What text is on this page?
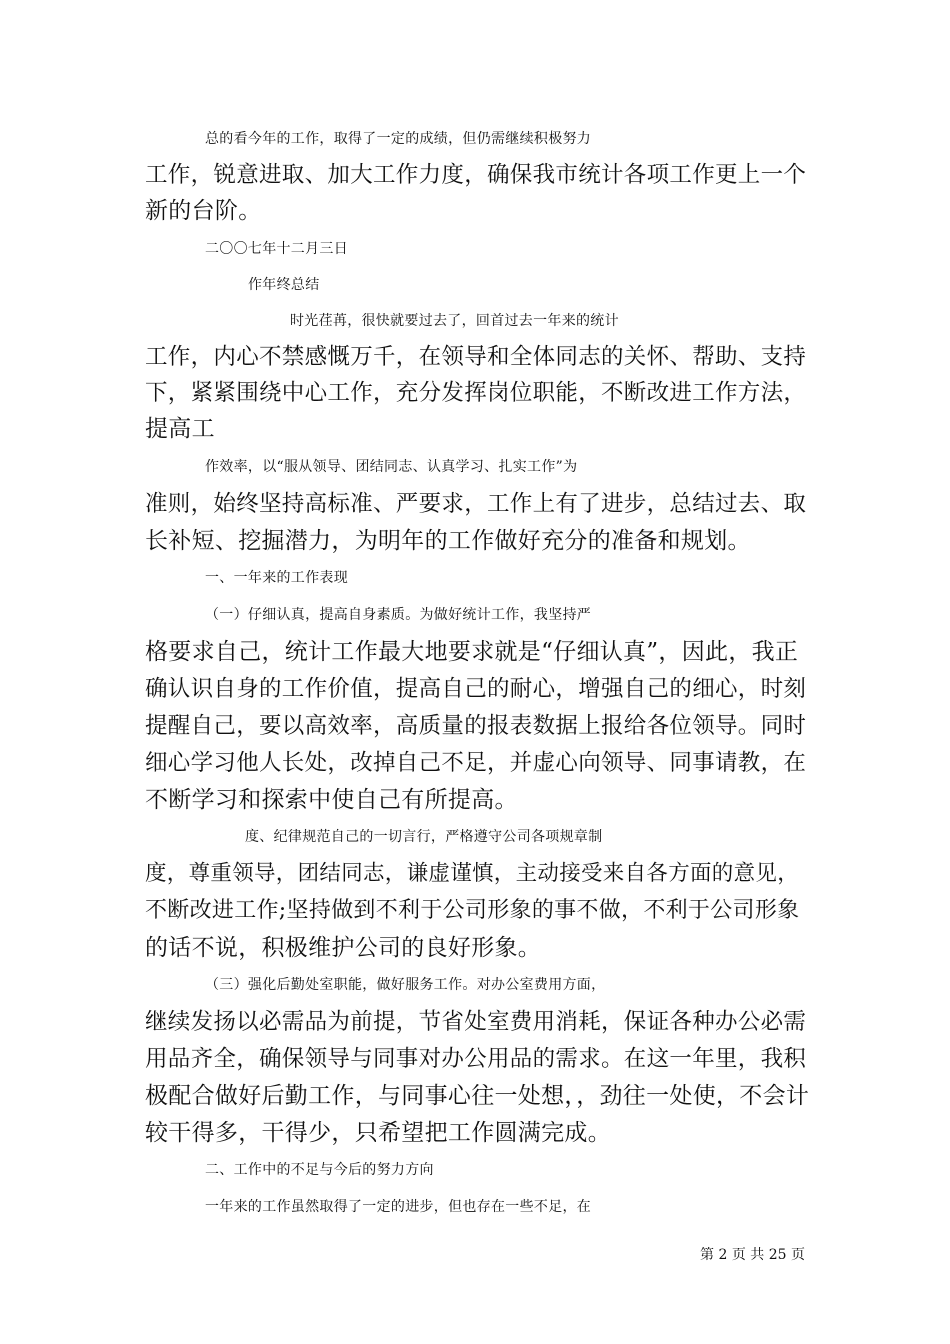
总的看今年的工作，取得了一定的成绩，但仍需继续积极努力
工作，锐意进取、加大工作力度，确保我市统计各项工作更上一个
新的台阶。
二〇〇七年十二月三日
作年终总结
时光荏苒，很快就要过去了，回首过去一年来的统计
工作，内心不禁感慨万千，在领导和全体同志的关怀、帮助、支持
下，紧紧围绕中心工作，充分发挥岗位职能，不断改进工作方法，
提高工
作效率，以“服从领导、团结同志、认真学习、扎实工作”为
准则，始终坚持高标准、严要求，工作上有了进步，总结过去、取
长补短、挖掘潜力，为明年的工作做好充分的准备和规划。
一、一年来的工作表现
（一）仔细认真，提高自身素质。为做好统计工作，我坚持严
格要求自己，统计工作最大地要求就是“仔细认真”，因此，我正
确认识自身的工作价值，提高自己的耐心，增强自己的细心，时刻
提醒自己，要以高效率，高质量的报表数据上报给各位领导。同时
细心学习他人长处，改掉自己不足，并虚心向领导、同事请教，在
不断学习和探索中使自己有所提高。
度、纪律规范自己的一切言行，严格遵守公司各项规章制
度，尊重领导，团结同志，谦虚谨慎，主动接受来自各方面的意见，
不断改进工作;坚持做到不利于公司形象的事不做，不利于公司形象
的话不说，积极维护公司的良好形象。
（三）强化后勤处室职能，做好服务工作。对办公室费用方面，
继续发扬以必需品为前提，节省处室费用消耗，保证各种办公必需
用品齐全，确保领导与同事对办公用品的需求。在这一年里，我积
极配合做好后勤工作，与同事心往一处想，，劲往一处使，不会计
较干得多，干得少，只希望把工作圆满完成。
二、工作中的不足与今后的努力方向
一年来的工作虽然取得了一定的进步，但也存在一些不足，在
第 2 页 共 25 页
